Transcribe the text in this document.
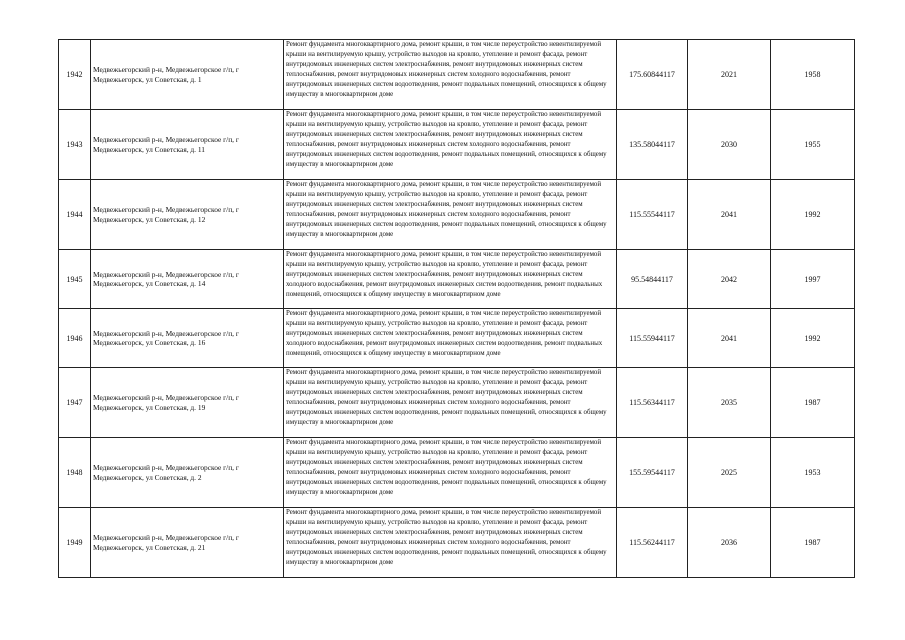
1942	Медвежьегорский р-н, Медвежьегорское г/п, г Медвежьегорск, ул Советская, д. 1	Ремонт фундамента многоквартирного дома, ремонт крыши, в том числе переустройство невентилируемой крыши на вентилируемую крышу, устройство выходов на кровлю, утепление и ремонт фасада, ремонт внутридомовых инженерных систем электроснабжения, ремонт внутридомовых инженерных систем теплоснабжения, ремонт внутридомовых инженерных систем холодного водоснабжения, ремонт внутридомовых инженерных систем водоотведения, ремонт подвальных помещений, относящихся к общему имуществу в многоквартирном доме	175.60844117	2021	1958
1943	Медвежьегорский р-н, Медвежьегорское г/п, г Медвежьегорск, ул Советская, д. 11	Ремонт фундамента многоквартирного дома, ремонт крыши, в том числе переустройство невентилируемой крыши на вентилируемую крышу, устройство выходов на кровлю, утепление и ремонт фасада, ремонт внутридомовых инженерных систем электроснабжения, ремонт внутридомовых инженерных систем теплоснабжения, ремонт внутридомовых инженерных систем холодного водоснабжения, ремонт внутридомовых инженерных систем водоотведения, ремонт подвальных помещений, относящихся к общему имуществу в многоквартирном доме	135.58044117	2030	1955
1944	Медвежьегорский р-н, Медвежьегорское г/п, г Медвежьегорск, ул Советская, д. 12	Ремонт фундамента многоквартирного дома, ремонт крыши, в том числе переустройство невентилируемой крыши на вентилируемую крышу, устройство выходов на кровлю, утепление и ремонт фасада, ремонт внутридомовых инженерных систем электроснабжения, ремонт внутридомовых инженерных систем теплоснабжения, ремонт внутридомовых инженерных систем холодного водоснабжения, ремонт внутридомовых инженерных систем водоотведения, ремонт подвальных помещений, относящихся к общему имуществу в многоквартирном доме	115.55544117	2041	1992
1945	Медвежьегорский р-н, Медвежьегорское г/п, г Медвежьегорск, ул Советская, д. 14	Ремонт фундамента многоквартирного дома, ремонт крыши, в том числе переустройство невентилируемой крыши на вентилируемую крышу, устройство выходов на кровлю, утепление и ремонт фасада, ремонт внутридомовых инженерных систем электроснабжения, ремонт внутридомовых инженерных систем холодного водоснабжения, ремонт внутридомовых инженерных систем водоотведения, ремонт подвальных помещений, относящихся к общему имуществу в многоквартирном доме	95.54844117	2042	1997
1946	Медвежьегорский р-н, Медвежьегорское г/п, г Медвежьегорск, ул Советская, д. 16	Ремонт фундамента многоквартирного дома, ремонт крыши, в том числе переустройство невентилируемой крыши на вентилируемую крышу, устройство выходов на кровлю, утепление и ремонт фасада, ремонт внутридомовых инженерных систем электроснабжения, ремонт внутридомовых инженерных систем холодного водоснабжения, ремонт внутридомовых инженерных систем водоотведения, ремонт подвальных помещений, относящихся к общему имуществу в многоквартирном доме	115.55944117	2041	1992
1947	Медвежьегорский р-н, Медвежьегорское г/п, г Медвежьегорск, ул Советская, д. 19	Ремонт фундамента многоквартирного дома, ремонт крыши, в том числе переустройство невентилируемой крыши на вентилируемую крышу, устройство выходов на кровлю, утепление и ремонт фасада, ремонт внутридомовых инженерных систем электроснабжения, ремонт внутридомовых инженерных систем теплоснабжения, ремонт внутридомовых инженерных систем холодного водоснабжения, ремонт внутридомовых инженерных систем водоотведения, ремонт подвальных помещений, относящихся к общему имуществу в многоквартирном доме	115.56344117	2035	1987
1948	Медвежьегорский р-н, Медвежьегорское г/п, г Медвежьегорск, ул Советская, д. 2	Ремонт фундамента многоквартирного дома, ремонт крыши, в том числе переустройство невентилируемой крыши на вентилируемую крышу, устройство выходов на кровлю, утепление и ремонт фасада, ремонт внутридомовых инженерных систем электроснабжения, ремонт внутридомовых инженерных систем теплоснабжения, ремонт внутридомовых инженерных систем холодного водоснабжения, ремонт внутридомовых инженерных систем водоотведения, ремонт подвальных помещений, относящихся к общему имуществу в многоквартирном доме	155.59544117	2025	1953
1949	Медвежьегорский р-н, Медвежьегорское г/п, г Медвежьегорск, ул Советская, д. 21	Ремонт фундамента многоквартирного дома, ремонт крыши, в том числе переустройство невентилируемой крыши на вентилируемую крышу, устройство выходов на кровлю, утепление и ремонт фасада, ремонт внутридомовых инженерных систем электроснабжения, ремонт внутридомовых инженерных систем теплоснабжения, ремонт внутридомовых инженерных систем холодного водоснабжения, ремонт внутридомовых инженерных систем водоотведения, ремонт подвальных помещений, относящихся к общему имуществу в многоквартирном доме	115.56244117	2036	1987
